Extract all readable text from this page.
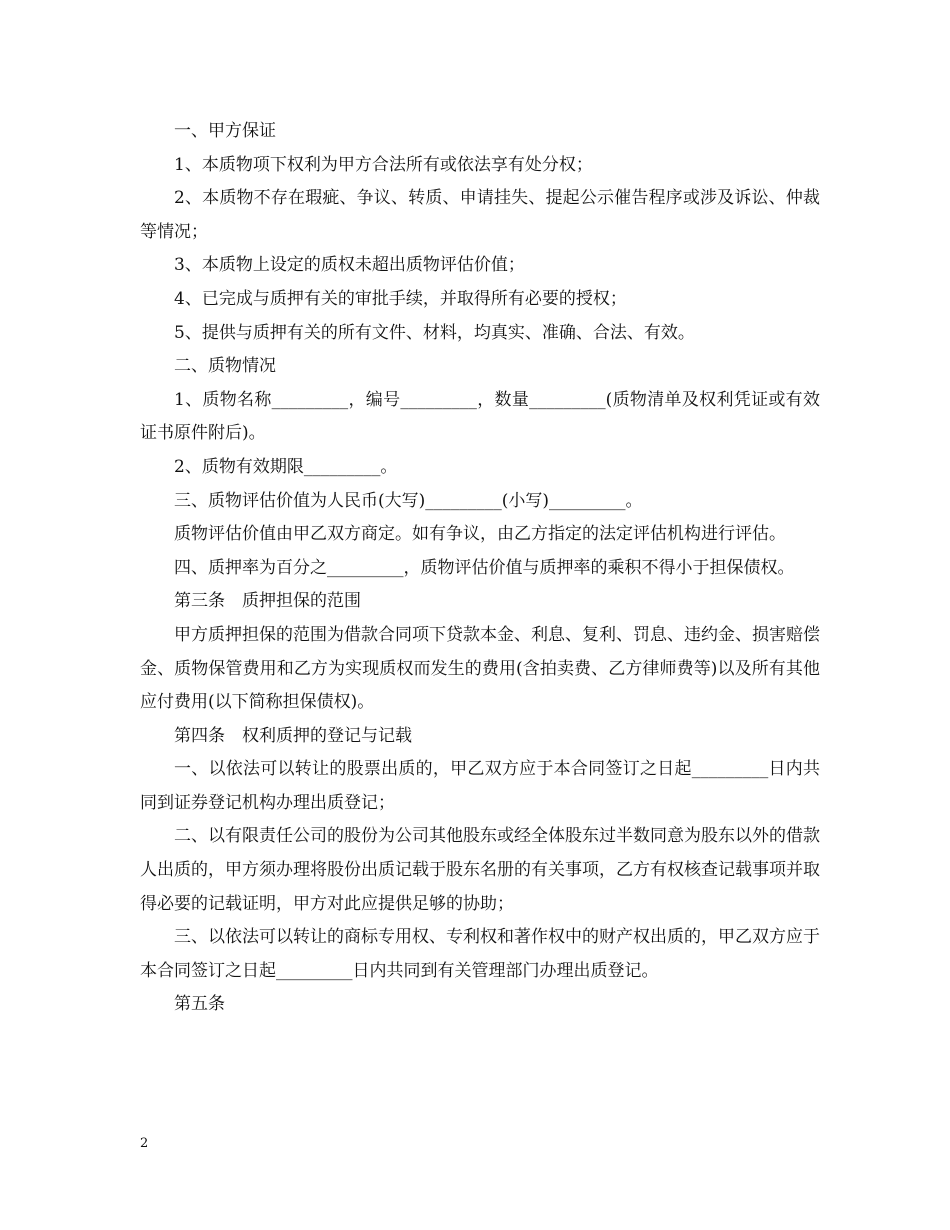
一、甲方保证

1、本质物项下权利为甲方合法所有或依法享有处分权；

2、本质物不存在瑕疵、争议、转质、申请挂失、提起公示催告程序或涉及诉讼、仲裁等情况；

3、本质物上设定的质权未超出质物评估价值；

4、已完成与质押有关的审批手续，并取得所有必要的授权；

5、提供与质押有关的所有文件、材料，均真实、准确、合法、有效。

二、质物情况

1、质物名称_________，编号_________，数量_________(质物清单及权利凭证或有效证书原件附后)。

2、质物有效期限_________。

三、质物评估价值为人民币(大写)_________(小写)_________。

质物评估价值由甲乙双方商定。如有争议，由乙方指定的法定评估机构进行评估。

四、质押率为百分之_________，质物评估价值与质押率的乘积不得小于担保债权。

第三条　质押担保的范围

甲方质押担保的范围为借款合同项下贷款本金、利息、复利、罚息、违约金、损害赔偿金、质物保管费用和乙方为实现质权而发生的费用(含拍卖费、乙方律师费等)以及所有其他应付费用(以下简称担保债权)。

第四条　权利质押的登记与记载

一、以依法可以转让的股票出质的，甲乙双方应于本合同签订之日起_________日内共同到证券登记机构办理出质登记；

二、以有限责任公司的股份为公司其他股东或经全体股东过半数同意为股东以外的借款人出质的，甲方须办理将股份出质记载于股东名册的有关事项，乙方有权核查记载事项并取得必要的记载证明，甲方对此应提供足够的协助；

三、以依法可以转让的商标专用权、专利权和著作权中的财产权出质的，甲乙双方应于本合同签订之日起_________日内共同到有关管理部门办理出质登记。

第五条

2
